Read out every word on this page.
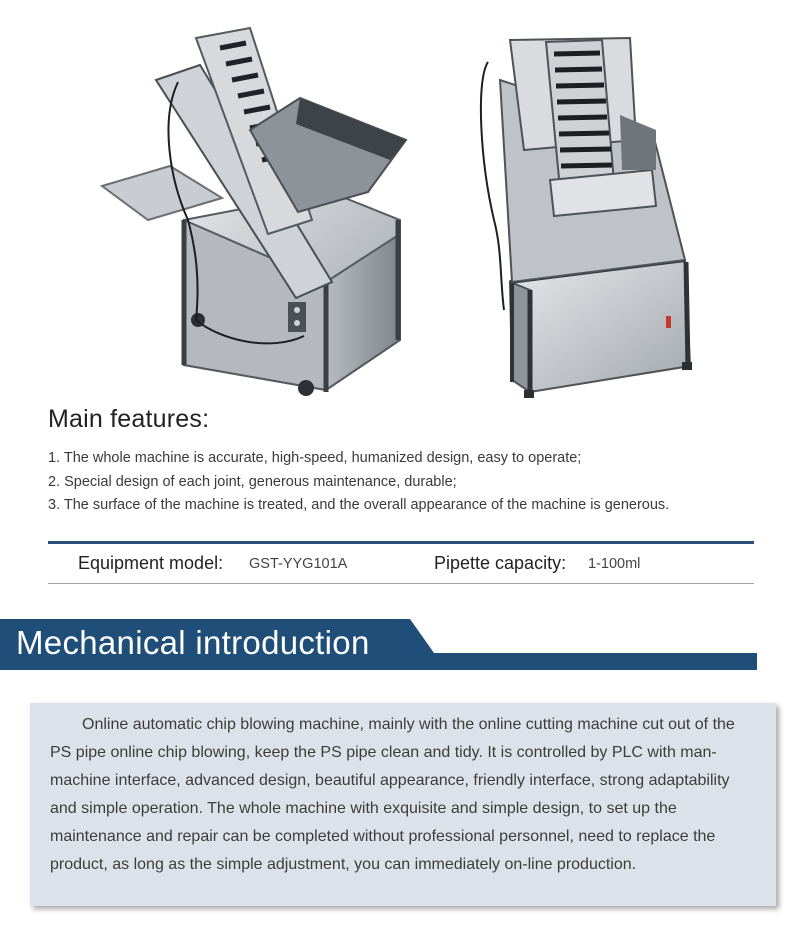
Main features:
1. The whole machine is accurate, high-speed, humanized design, easy to operate;
2. Special design of each joint, generous maintenance, durable;
3. The surface of the machine is treated, and the overall appearance of the machine is generous.
Equipment model: GST-YYG101A	Pipette capacity: 1-100ml
Mechanical introduction

Online automatic chip blowing machine, mainly with the online cutting machine cut out of the PS pipe online chip blowing, keep the PS pipe clean and tidy. It is controlled by PLC with man-machine interface, advanced design, beautiful appearance, friendly interface, strong adaptability and simple operation. The whole machine with exquisite and simple design, to set up the maintenance and repair can be completed without professional personnel, need to replace the product, as long as the simple adjustment, you can immediately on-line production.
